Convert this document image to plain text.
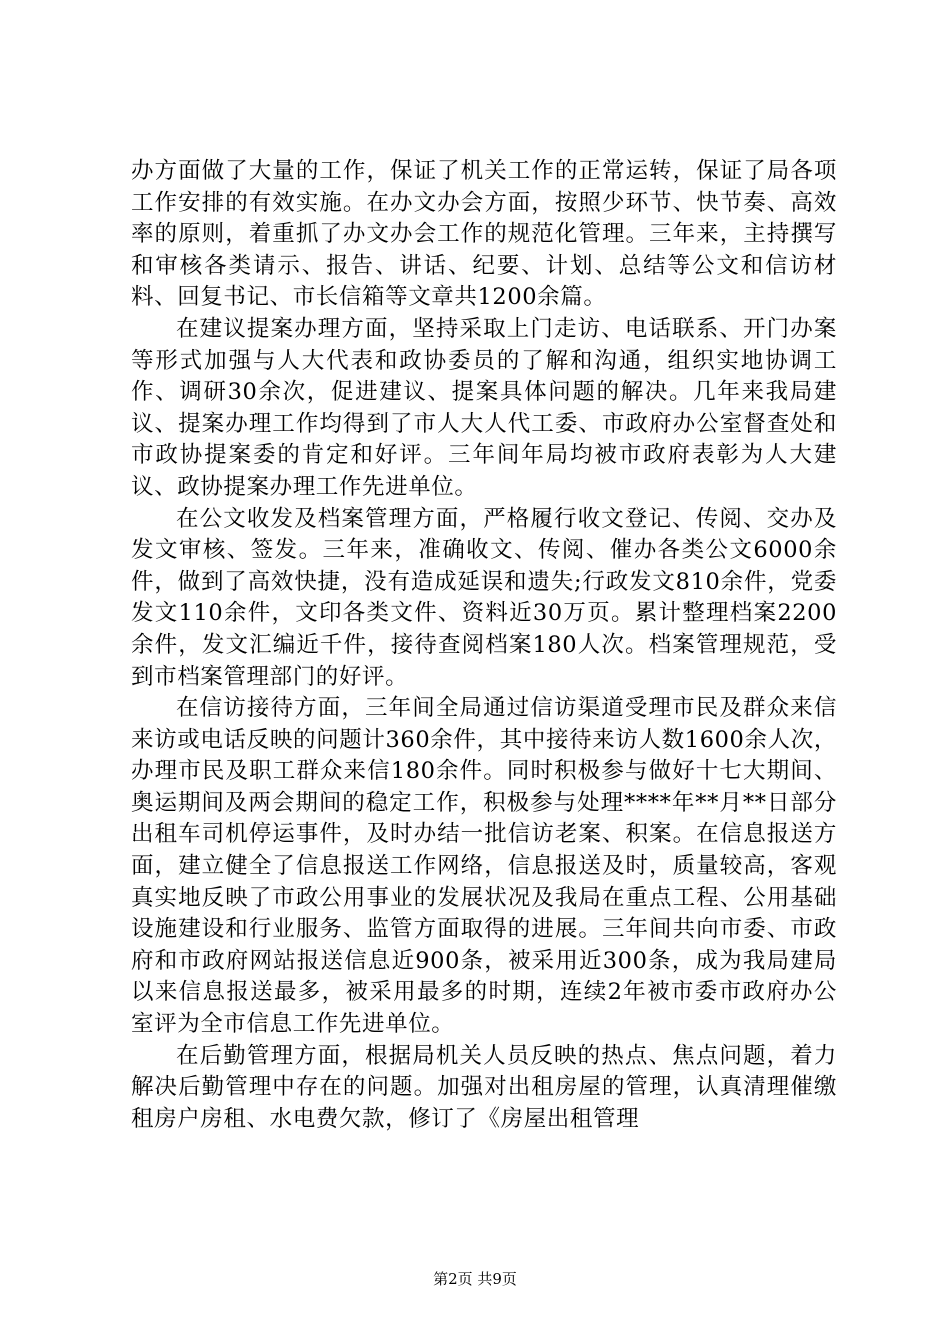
办方面做了大量的工作，保证了机关工作的正常运转，保证了局各项工作安排的有效实施。在办文办会方面，按照少环节、快节奏、高效率的原则，着重抓了办文办会工作的规范化管理。三年来，主持撰写和审核各类请示、报告、讲话、纪要、计划、总结等公文和信访材料、回复书记、市长信箱等文章共1200余篇。

在建议提案办理方面，坚持采取上门走访、电话联系、开门办案等形式加强与人大代表和政协委员的了解和沟通，组织实地协调工作、调研30余次，促进建议、提案具体问题的解决。几年来我局建议、提案办理工作均得到了市人大人代工委、市政府办公室督查处和市政协提案委的肯定和好评。三年间年局均被市政府表彰为人大建议、政协提案办理工作先进单位。

在公文收发及档案管理方面，严格履行收文登记、传阅、交办及发文审核、签发。三年来，准确收文、传阅、催办各类公文6000余件，做到了高效快捷，没有造成延误和遗失;行政发文810余件，党委发文110余件，文印各类文件、资料近30万页。累计整理档案2200余件，发文汇编近千件，接待查阅档案180人次。档案管理规范，受到市档案管理部门的好评。

在信访接待方面，三年间全局通过信访渠道受理市民及群众来信来访或电话反映的问题计360余件，其中接待来访人数1600余人次，办理市民及职工群众来信180余件。同时积极参与做好十七大期间、奥运期间及两会期间的稳定工作，积极参与处理****年**月**日部分出租车司机停运事件，及时办结一批信访老案、积案。在信息报送方面，建立健全了信息报送工作网络，信息报送及时，质量较高，客观真实地反映了市政公用事业的发展状况及我局在重点工程、公用基础设施建设和行业服务、监管方面取得的进展。三年间共向市委、市政府和市政府网站报送信息近900条，被采用近300条，成为我局建局以来信息报送最多，被采用最多的时期，连续2年被市委市政府办公室评为全市信息工作先进单位。

在后勤管理方面，根据局机关人员反映的热点、焦点问题，着力解决后勤管理中存在的问题。加强对出租房屋的管理，认真清理催缴租房户房租、水电费欠款，修订了《房屋出租管理

第2页 共9页
